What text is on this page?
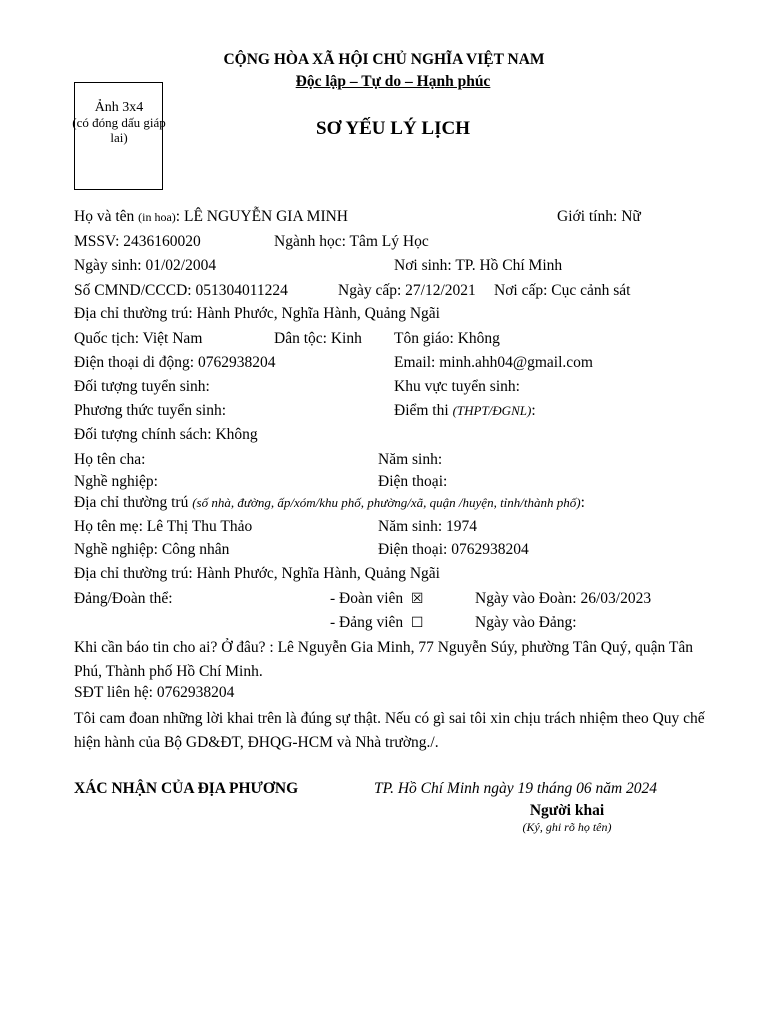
CỘNG HÒA XÃ HỘI CHỦ NGHĨA VIỆT NAM
Độc lập – Tự do – Hạnh phúc
Ảnh 3x4
(có đóng dấu giáp
lai)	SƠ YẾU LÝ LỊCH
Họ và tên (in hoa): LÊ NGUYỄN GIA MINH	Giới tính: Nữ
MSSV: 2436160020	Ngành học: Tâm Lý Học
Ngày sinh: 01/02/2004	Nơi sinh: TP. Hồ Chí Minh
Số CMND/CCCD: 051304011224	Ngày cấp: 27/12/2021 Nơi cấp: Cục cảnh sát
Địa chỉ thường trú: Hành Phước, Nghĩa Hành, Quảng Ngãi
Quốc tịch: Việt Nam	Dân tộc: Kinh Tôn giáo: Không
Điện thoại di động: 0762938204	Email: minh.ahh04@gmail.com
Đối tượng tuyển sinh:	Khu vực tuyển sinh:
Phương thức tuyển sinh:	Điểm thi (THPT/ĐGNL):
Đối tượng chính sách: Không
Họ tên cha:	Năm sinh:
Nghề nghiệp:	Điện thoại:
Địa chỉ thường trú (số nhà, đường, ấp/xóm/khu phố, phường/xã, quận /huyện, tỉnh/thành phố):
Họ tên mẹ: Lê Thị Thu Thảo	Năm sinh: 1974
Nghề nghiệp: Công nhân	Điện thoại: 0762938204
Địa chỉ thường trú: Hành Phước, Nghĩa Hành, Quảng Ngãi
Đảng/Đoàn thể:	- Đoàn viên ☒	Ngày vào Đoàn: 26/03/2023
- Đảng viên ☐	Ngày vào Đảng:
Khi cần báo tin cho ai? Ở đâu? : Lê Nguyễn Gia Minh, 77 Nguyễn Súy, phường Tân Quý, quận Tân Phú, Thành phố Hồ Chí Minh.
SĐT liên hệ: 0762938204
Tôi cam đoan những lời khai trên là đúng sự thật. Nếu có gì sai tôi xin chịu trách nhiệm theo Quy chế hiện hành của Bộ GD&ĐT, ĐHQG-HCM và Nhà trường./.
XÁC NHẬN CỦA ĐỊA PHƯƠNG	TP. Hồ Chí Minh ngày 19 tháng 06 năm 2024
Người khai
(Ký, ghi rõ họ tên)
